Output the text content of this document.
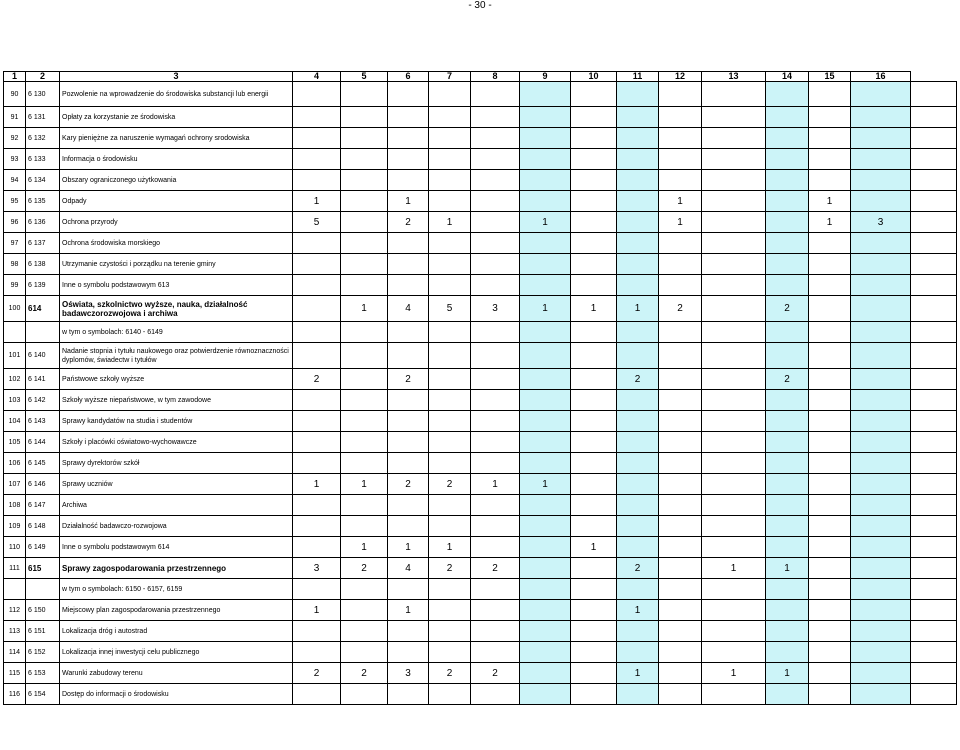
- 30 -
1	2	3	4	5	6	7	8	9	10	11	12	13	14	15	16	
90	6 130	Pozwolenie na wprowadzenie do środowiska substancji lub energii														
91	6 131	Opłaty za korzystanie ze środowiska														
92	6 132	Kary pieniężne za naruszenie wymagań ochrony srodowiska														
93	6 133	Informacja o środowisku														
94	6 134	Obszary ograniczonego użytkowania														
95	6 135	Odpady	1		1						1			1		
96	6 136	Ochrona przyrody	5		2	1		1			1			1	3	
97	6 137	Ochrona środowiska morskiego														
98	6 138	Utrzymanie czystości i porządku na terenie gminy														
99	6 139	Inne o symbolu podstawowym 613														
100	614	Oświata, szkolnictwo wyższe, nauka, działalność badawczorozwojowa i archiwa		1	4	5	3	1	1	1	2		2			
		w tym o symbolach: 6140 - 6149														
101	6 140	Nadanie stopnia i tytułu naukowego oraz potwierdzenie równoznaczności dyplomów, świadectw i tytułów														
102	6 141	Państwowe szkoły wyższe	2		2					2			2			
103	6 142	Szkoły wyższe niepaństwowe, w tym zawodowe														
104	6 143	Sprawy kandydatów na studia i studentów														
105	6 144	Szkoły i placówki oświatowo-wychowawcze														
106	6 145	Sprawy dyrektorów szkół														
107	6 146	Sprawy uczniów	1	1	2	2	1	1								
108	6 147	Archiwa														
109	6 148	Działalność badawczo-rozwojowa														
110	6 149	Inne o symbolu podstawowym 614		1	1	1			1							
111	615	Sprawy zagospodarowania przestrzennego	3	2	4	2	2			2		1	1			
		w tym o symbolach: 6150 - 6157, 6159														
112	6 150	Miejscowy plan zagospodarowania przestrzennego	1		1					1						
113	6 151	Lokalizacja dróg i autostrad														
114	6 152	Lokalizacja innej inwestycji celu publicznego														
115	6 153	Warunki zabudowy terenu	2	2	3	2	2			1		1	1			
116	6 154	Dostęp do informacji o środowisku														
